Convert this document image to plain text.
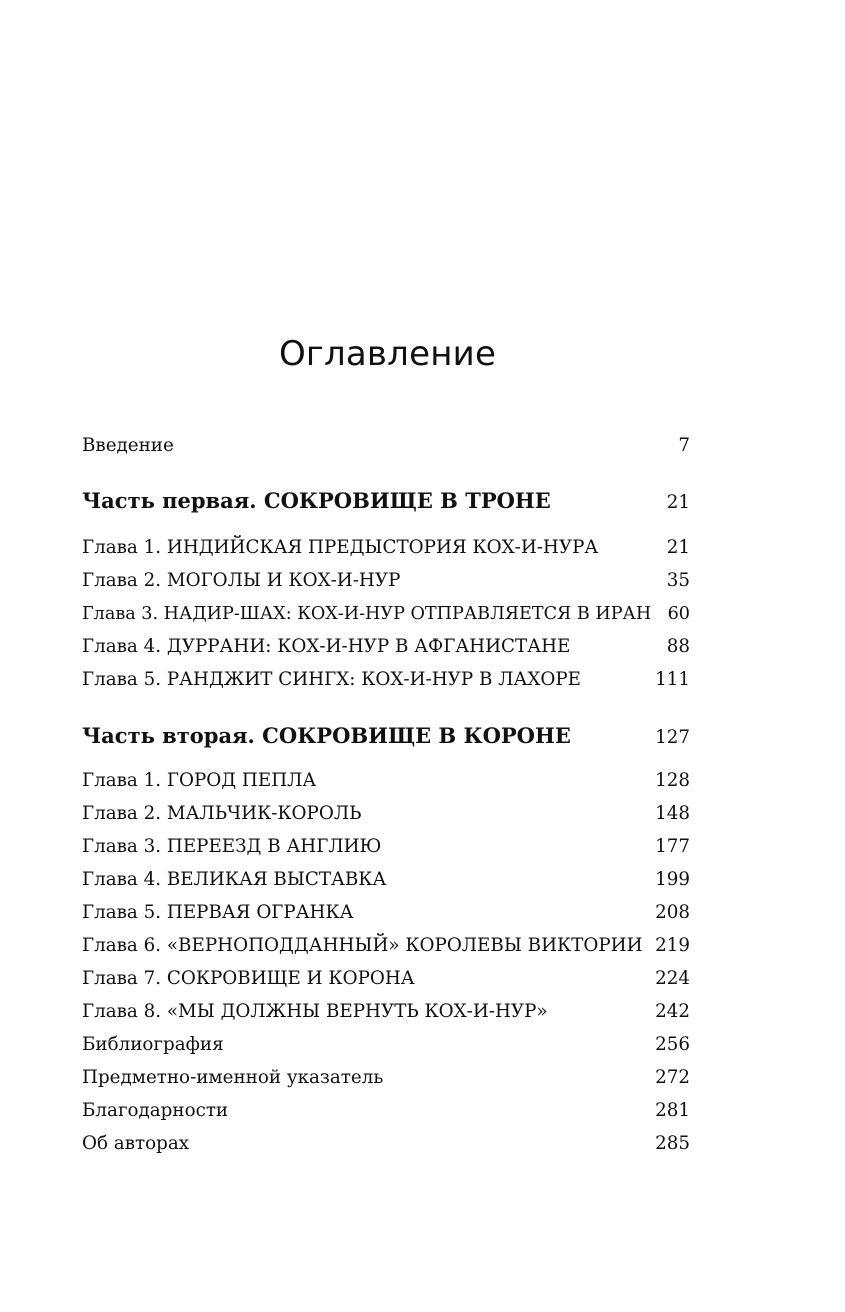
Оглавление
Введение	7
Часть первая. СОКРОВИЩЕ В ТРОНЕ	21
Глава 1. ИНДИЙСКАЯ ПРЕДЫСТОРИЯ КОХ-И-НУРА	21
Глава 2. МОГОЛЫ И КОХ-И-НУР	35
Глава 3. НАДИР-ШАХ: КОХ-И-НУР ОТПРАВЛЯЕТСЯ В ИРАН 60
Глава 4. ДУРРАНИ: КОХ-И-НУР В АФГАНИСТАНЕ	88
Глава 5. РАНДЖИТ СИНГХ: КОХ-И-НУР В ЛАХОРЕ	111
Часть вторая. СОКРОВИЩЕ В КОРОНЕ	127
Глава 1. ГОРОД ПЕПЛА	128
Глава 2. МАЛЬЧИК-КОРОЛЬ	148
Глава 3. ПЕРЕЕЗД В АНГЛИЮ	177
Глава 4. ВЕЛИКАЯ ВЫСТАВКА	199
Глава 5. ПЕРВАЯ ОГРАНКА	208
Глава 6. «ВЕРНОПОДДАННЫЙ» КОРОЛЕВЫ ВИКТОРИИ 219
Глава 7. СОКРОВИЩЕ И КОРОНА	224
Глава 8. «МЫ ДОЛЖНЫ ВЕРНУТЬ КОХ-И-НУР»	242
Библиография	256
Предметно-именной указатель	272
Благодарности	281
Об авторах	285
